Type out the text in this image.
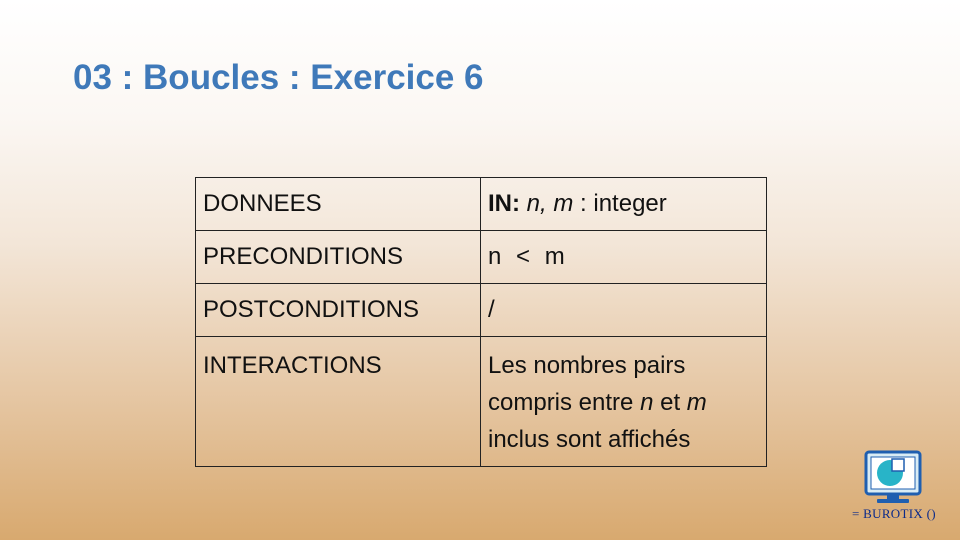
03 : Boucles : Exercice 6
DONNEES	IN: n, m : integer
PRECONDITIONS	n < m
POSTCONDITIONS	/
INTERACTIONS	Les nombres pairs
compris entre n et m
inclus sont affichés
= BUROTIX ()
